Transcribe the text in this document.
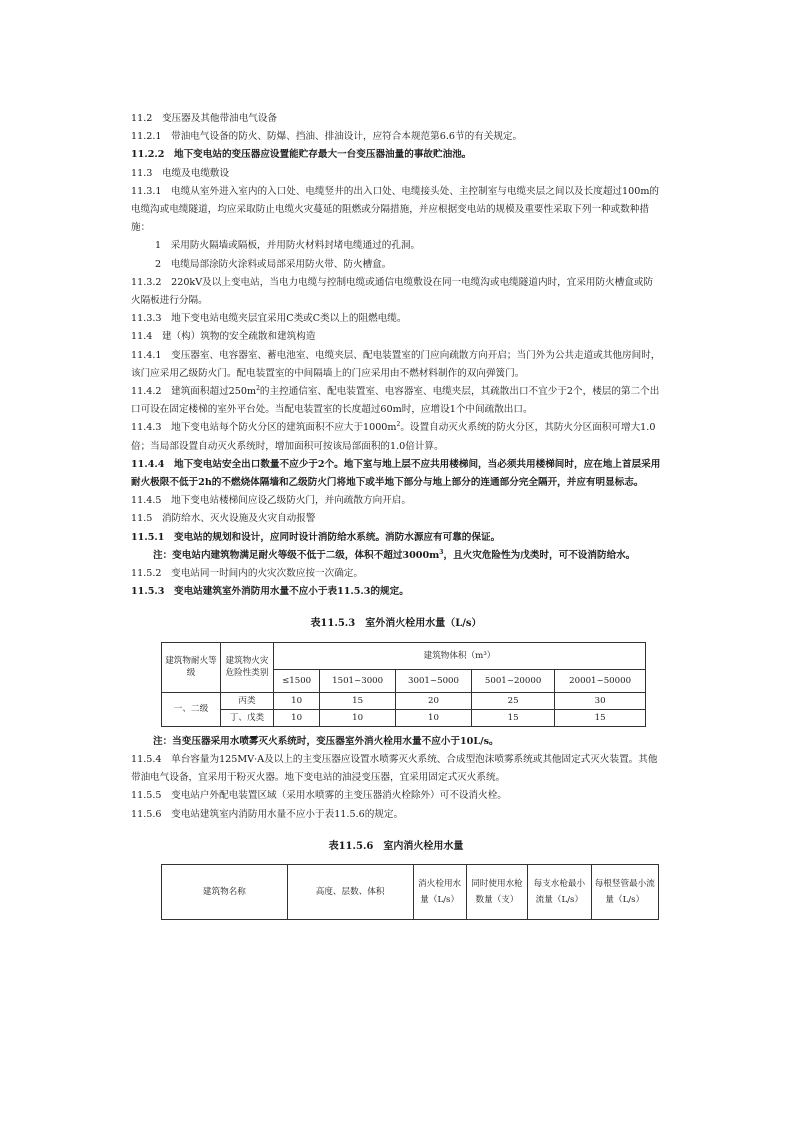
11.2　变压器及其他带油电气设备

11.2.1　带油电气设备的防火、防爆、挡油、排油设计，应符合本规范第6.6节的有关规定。

11.2.2　地下变电站的变压器应设置能贮存最大一台变压器油量的事故贮油池。

11.3　电缆及电缆敷设

11.3.1　电缆从室外进入室内的入口处、电缆竖井的出入口处、电缆接头处、主控制室与电缆夹层之间以及长度超过100m的电缆沟或电缆隧道，均应采取防止电缆火灾蔓延的阻燃或分隔措施，并应根据变电站的规模及重要性采取下列一种或数种措施：

1　采用防火隔墙或隔板，并用防火材料封堵电缆通过的孔洞。

2　电缆局部涂防火涂料或局部采用防火带、防火槽盒。

11.3.2　220kV及以上变电站，当电力电缆与控制电缆或通信电缆敷设在同一电缆沟或电缆隧道内时，宜采用防火槽盒或防火隔板进行分隔。

11.3.3　地下变电站电缆夹层宜采用C类或C类以上的阻燃电缆。

11.4　建（构）筑物的安全疏散和建筑构造

11.4.1　变压器室、电容器室、蓄电池室、电缆夹层、配电装置室的门应向疏散方向开启；当门外为公共走道或其他房间时，该门应采用乙级防火门。配电装置室的中间隔墙上的门应采用由不燃材料制作的双向弹簧门。

11.4.2　建筑面积超过$250m^2$的主控通信室、配电装置室、电容器室、电缆夹层，其疏散出口不宜少于2个，楼层的第二个出口可设在固定楼梯的室外平台处。当配电装置室的长度超过60m时，应增设1个中间疏散出口。

11.4.3　地下变电站每个防火分区的建筑面积不应大于$1000m^2$。设置自动灭火系统的防火分区，其防火分区面积可增大1.0倍；当局部设置自动灭火系统时，增加面积可按该局部面积的1.0倍计算。

11.4.4　地下变电站安全出口数量不应少于2个。地下室与地上层不应共用楼梯间，当必须共用楼梯间时，应在地上首层采用耐火极限不低于2h的不燃烧体隔墙和乙级防火门将地下或半地下部分与地上部分的连通部分完全隔开，并应有明显标志。

11.4.5　地下变电站楼梯间应设乙级防火门，并向疏散方向开启。

11.5　消防给水、灭火设施及火灾自动报警

11.5.1　变电站的规划和设计，应同时设计消防给水系统。消防水源应有可靠的保证。

注：变电站内建筑物满足耐火等级不低于二级，体积不超过$3000m^3$，且火灾危险性为戊类时，可不设消防给水。

11.5.2　变电站同一时间内的火灾次数应按一次确定。

11.5.3　变电站建筑室外消防用水量不应小于表11.5.3的规定。

表11.5.3　室外消火栓用水量（L/s）
建筑物耐火等级	建筑物火灾危险性类别	建筑物体积（m³）				
		≤1500	1501~3000	3001~5000	5001~20000	20001~50000
一、二级	丙类	10	15	20	25	30
	丁、戊类	10	10	10	15	15

注：当变压器采用水喷雾灭火系统时，变压器室外消火栓用水量不应小于10L/s。

11.5.4　单台容量为125MV·A及以上的主变压器应设置水喷雾灭火系统、合成型泡沫喷雾系统或其他固定式灭火装置。其他带油电气设备，宜采用干粉灭火器。地下变电站的油浸变压器，宜采用固定式灭火系统。

11.5.5　变电站户外配电装置区域（采用水喷雾的主变压器消火栓除外）可不设消火栓。

11.5.6　变电站建筑室内消防用水量不应小于表11.5.6的规定。

表11.5.6　室内消火栓用水量
建筑物名称	高度、层数、体积	消火栓用水量（L/s）	同时使用水枪数量（支）	每支水枪最小流量（L/s）	每根竖管最小流量（L/s）
